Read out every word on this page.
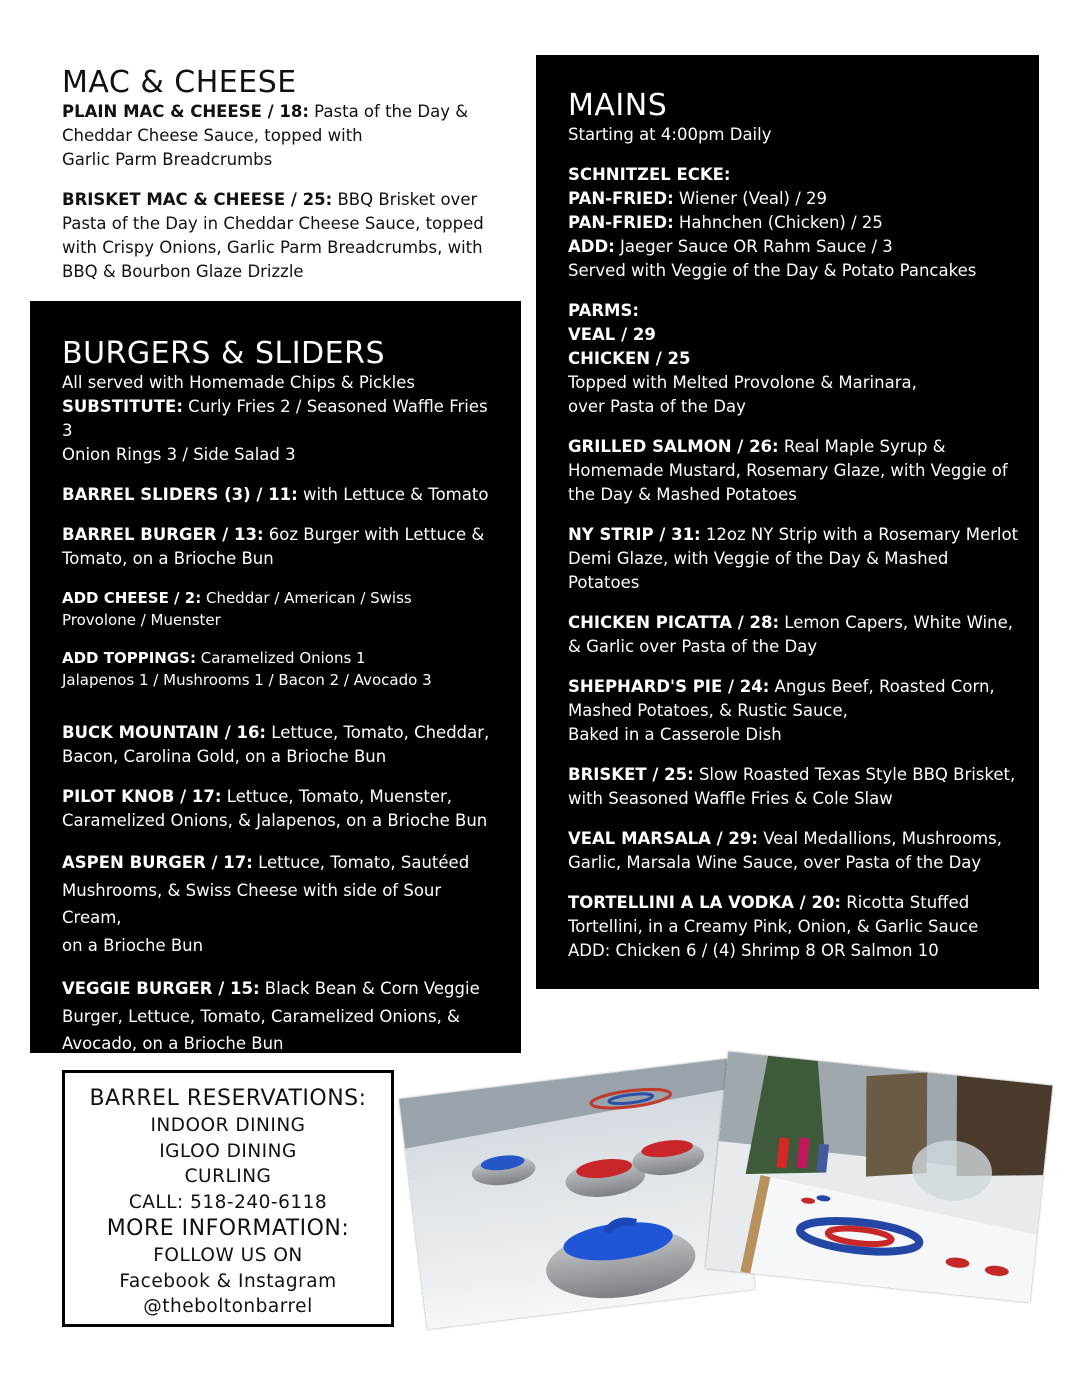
MAC & CHEESE

PLAIN MAC & CHEESE / 18: Pasta of the Day &
Cheddar Cheese Sauce, topped with
Garlic Parm Breadcrumbs

BRISKET MAC & CHEESE / 25: BBQ Brisket over
Pasta of the Day in Cheddar Cheese Sauce, topped
with Crispy Onions, Garlic Parm Breadcrumbs, with
BBQ & Bourbon Glaze Drizzle

BURGERS & SLIDERS

All served with Homemade Chips & Pickles

SUBSTITUTE: Curly Fries 2 / Seasoned Waffle Fries 3
Onion Rings 3 / Side Salad 3

BARREL SLIDERS (3) / 11: with Lettuce & Tomato

BARREL BURGER / 13: 6oz Burger with Lettuce &
Tomato, on a Brioche Bun

ADD CHEESE / 2: Cheddar / American / Swiss
Provolone / Muenster

ADD TOPPINGS: Caramelized Onions 1
Jalapenos 1 / Mushrooms 1 / Bacon 2 / Avocado 3

BUCK MOUNTAIN / 16: Lettuce, Tomato, Cheddar,
Bacon, Carolina Gold, on a Brioche Bun

PILOT KNOB / 17: Lettuce, Tomato, Muenster,
Caramelized Onions, & Jalapenos, on a Brioche Bun

ASPEN BURGER / 17: Lettuce, Tomato, Sautéed
Mushrooms, & Swiss Cheese with side of Sour Cream,
on a Brioche Bun

VEGGIE BURGER / 15: Black Bean & Corn Veggie
Burger, Lettuce, Tomato, Caramelized Onions, &
Avocado, on a Brioche Bun

MAINS

Starting at 4:00pm Daily

SCHNITZEL ECKE:
PAN-FRIED: Wiener (Veal) / 29
PAN-FRIED: Hahnchen (Chicken) / 25
ADD: Jaeger Sauce OR Rahm Sauce / 3
Served with Veggie of the Day & Potato Pancakes

PARMS:
VEAL / 29
CHICKEN / 25
Topped with Melted Provolone & Marinara,
over Pasta of the Day

GRILLED SALMON / 26: Real Maple Syrup &
Homemade Mustard, Rosemary Glaze, with Veggie of
the Day & Mashed Potatoes

NY STRIP / 31: 12oz NY Strip with a Rosemary Merlot
Demi Glaze, with Veggie of the Day & Mashed Potatoes

CHICKEN PICATTA / 28: Lemon Capers, White Wine,
& Garlic over Pasta of the Day

SHEPHARD'S PIE / 24: Angus Beef, Roasted Corn,
Mashed Potatoes, & Rustic Sauce,
Baked in a Casserole Dish

BRISKET / 25: Slow Roasted Texas Style BBQ Brisket,
with Seasoned Waffle Fries & Cole Slaw

VEAL MARSALA / 29: Veal Medallions, Mushrooms,
Garlic, Marsala Wine Sauce, over Pasta of the Day

TORTELLINI A LA VODKA / 20: Ricotta Stuffed
Tortellini, in a Creamy Pink, Onion, & Garlic Sauce
ADD: Chicken 6 / (4) Shrimp 8 OR Salmon 10

BARREL RESERVATIONS:
INDOOR DINING
IGLOO DINING
CURLING
CALL: 518-240-6118
MORE INFORMATION:
FOLLOW US ON
Facebook & Instagram
@theboltonbarrel
